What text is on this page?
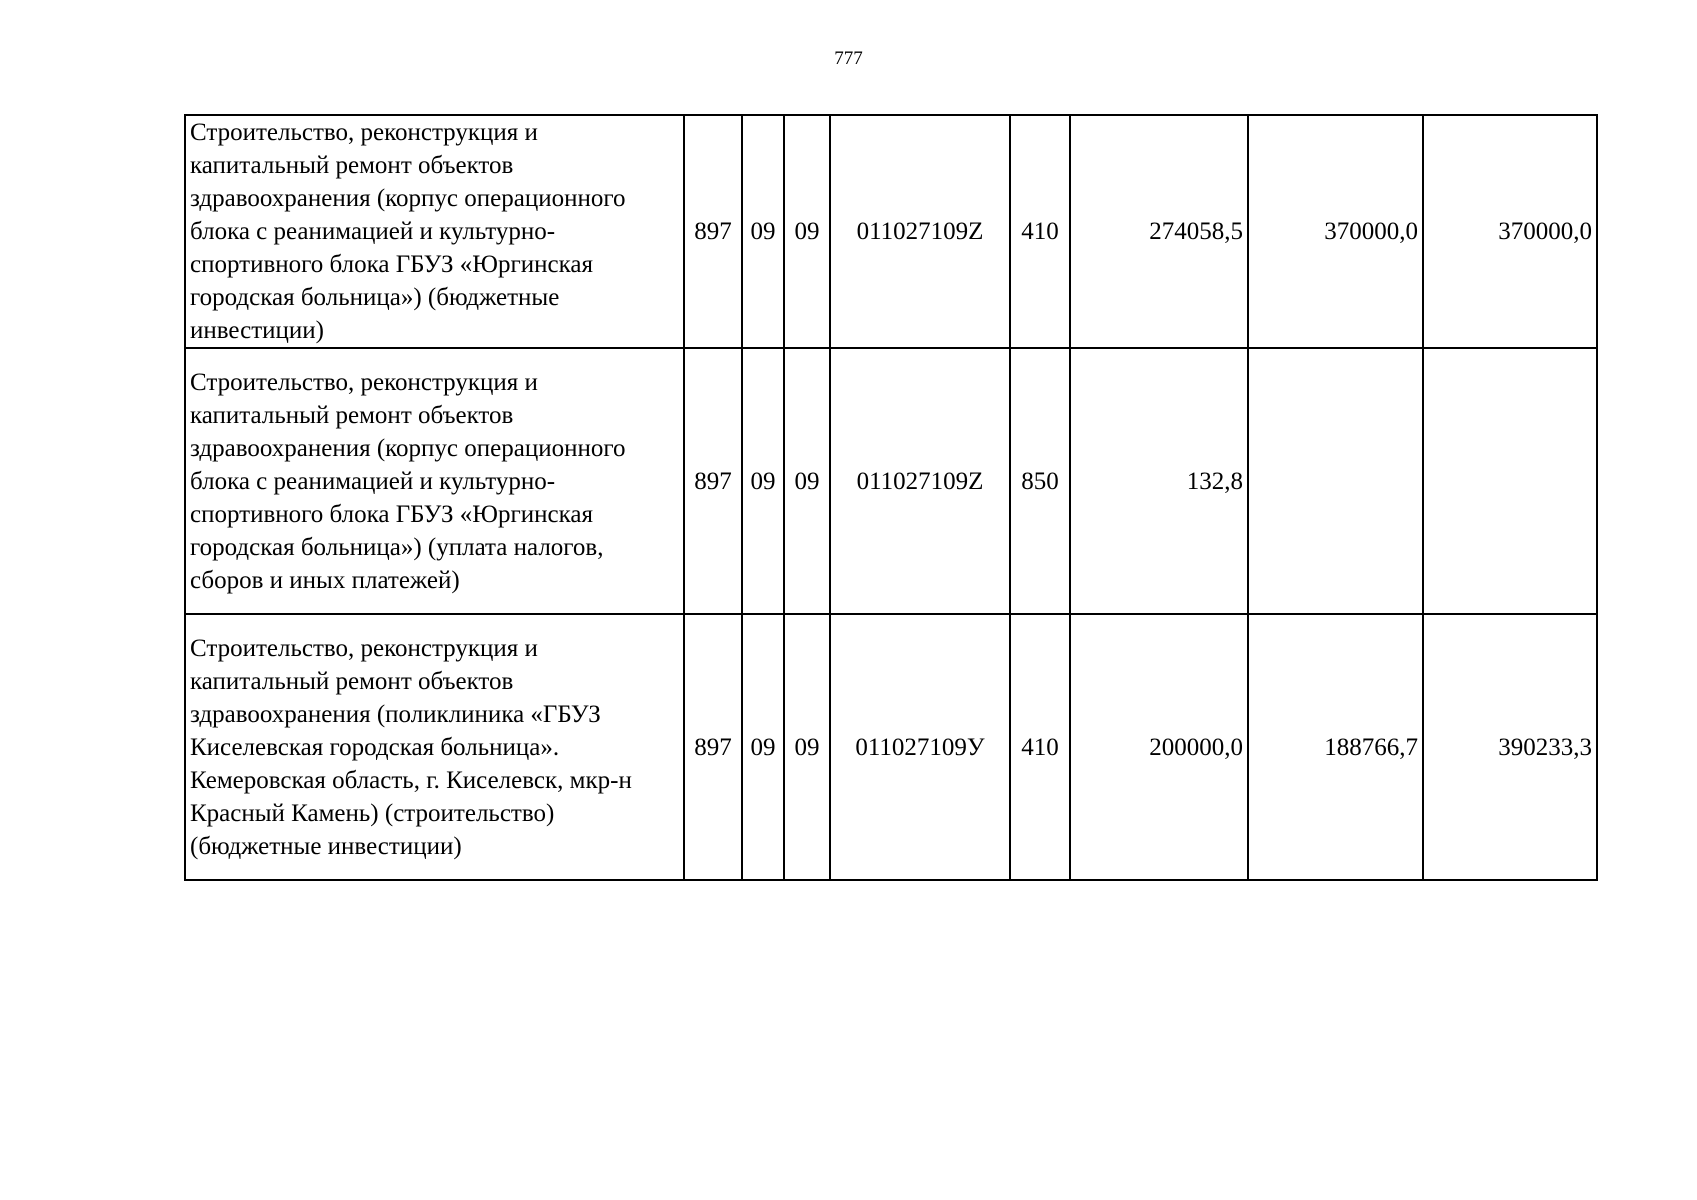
777
Строительство, реконструкция и капитальный ремонт объектов здравоохранения (корпус операционного блока с реанимацией и культурно-спортивного блока ГБУЗ «Юргинская городская больница») (бюджетные инвестиции)	897	09	09	011027109Z	410	274058,5	370000,0	370000,0
Строительство, реконструкция и капитальный ремонт объектов здравоохранения (корпус операционного блока с реанимацией и культурно-спортивного блока ГБУЗ «Юргинская городская больница») (уплата налогов, сборов и иных платежей)	897	09	09	011027109Z	850	132,8		
Строительство, реконструкция и капитальный ремонт объектов здравоохранения (поликлиника «ГБУЗ Киселевская городская больница». Кемеровская область, г. Киселевск, мкр-н Красный Камень) (строительство) (бюджетные инвестиции)	897	09	09	011027109У	410	200000,0	188766,7	390233,3
